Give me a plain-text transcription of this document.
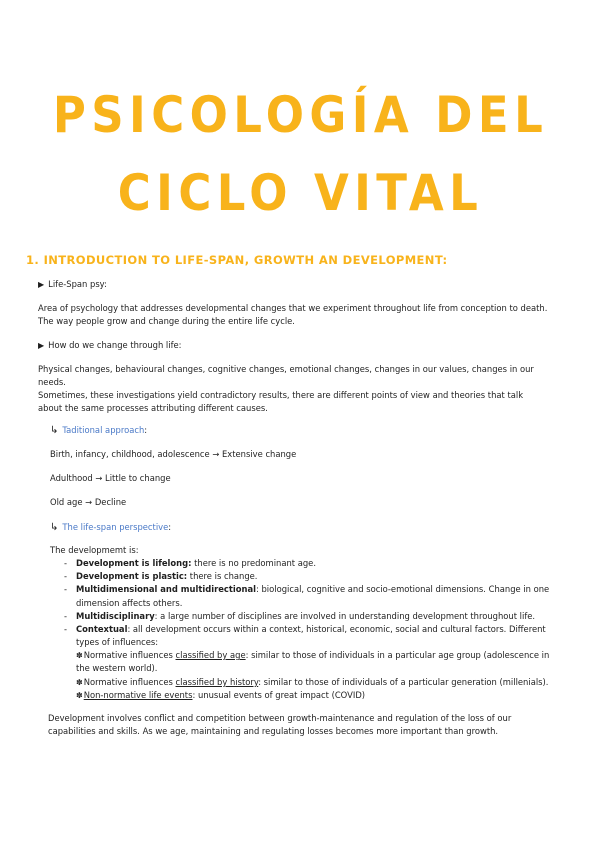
PSICOLOGÍA DEL
CICLO VITAL
1. INTRODUCTION TO LIFE-SPAN, GROWTH AN DEVELOPMENT:
▶ Life-Span psy:
Area of psychology that addresses developmental changes that we experiment throughout life from conception to death.
The way people grow and change during the entire life cycle.
▶ How do we change through life:
Physical changes, behavioural changes, cognitive changes, emotional changes, changes in our values, changes in our
needs.
Sometimes, these investigations yield contradictory results, there are different points of view and theories that talk
about the same processes attributing different causes.
↳ Taditional approach:
Birth, infancy, childhood, adolescence → Extensive change
Adulthood → Little to change
Old age → Decline
↳ The life-span perspective:
The developmemt is:
- Development is lifelong: there is no predominant age.
- Development is plastic: there is change.
- Multidimensional and multidirectional: biological, cognitive and socio-emotional dimensions. Change in one
dimension affects others.
- Multidisciplinary: a large number of disciplines are involved in understanding development throughout life.
- Contextual: all development occurs within a context, historical, economic, social and cultural factors. Different
types of influences:
✽Normative influences classified by age: similar to those of individuals in a particular age group (adolescence in
the western world).
✽Normative influences classified by history: similar to those of individuals of a particular generation (millenials).
✽Non-normative life events: unusual events of great impact (COVID)
Development involves conflict and competition between growth-maintenance and regulation of the loss of our
capabilities and skills. As we age, maintaining and regulating losses becomes more important than growth.
